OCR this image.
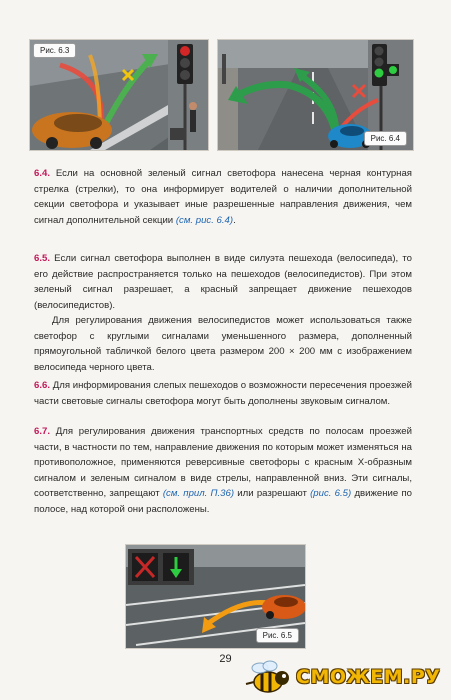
Рис. 6.3
Рис. 6.4

6.4. Если на основной зеленый сигнал светофора нанесена черная контурная стрелка (стрелки), то она информирует водителей о наличии дополнительной секции светофора и указывает иные разрешенные направления движения, чем сигнал дополнительной секции (см. рис. 6.4).

6.5. Если сигнал светофора выполнен в виде силуэта пешехода (велосипеда), то его действие распространяется только на пешеходов (велосипедистов). При этом зеленый сигнал разрешает, а красный запрещает движение пешеходов (велосипедистов).

Для регулирования движения велосипедистов может использоваться также светофор с круглыми сигналами уменьшенного размера, дополненный прямоугольной табличкой белого цвета размером 200 × 200 мм с изображением велосипеда черного цвета.

6.6. Для информирования слепых пешеходов о возможности пересечения проезжей части световые сигналы светофора могут быть дополнены звуковым сигналом.

6.7. Для регулирования движения транспортных средств по полосам проезжей части, в частности по тем, направление движения по которым может изменяться на противоположное, применяются реверсивные светофоры с красным Х-образным сигналом и зеленым сигналом в виде стрелы, направленной вниз. Эти сигналы, соответственно, запрещают (см. прил. П.36) или разрешают (рис. 6.5) движение по полосе, над которой они расположены.

Рис. 6.5
29
СМОЖЕМ.РУ
